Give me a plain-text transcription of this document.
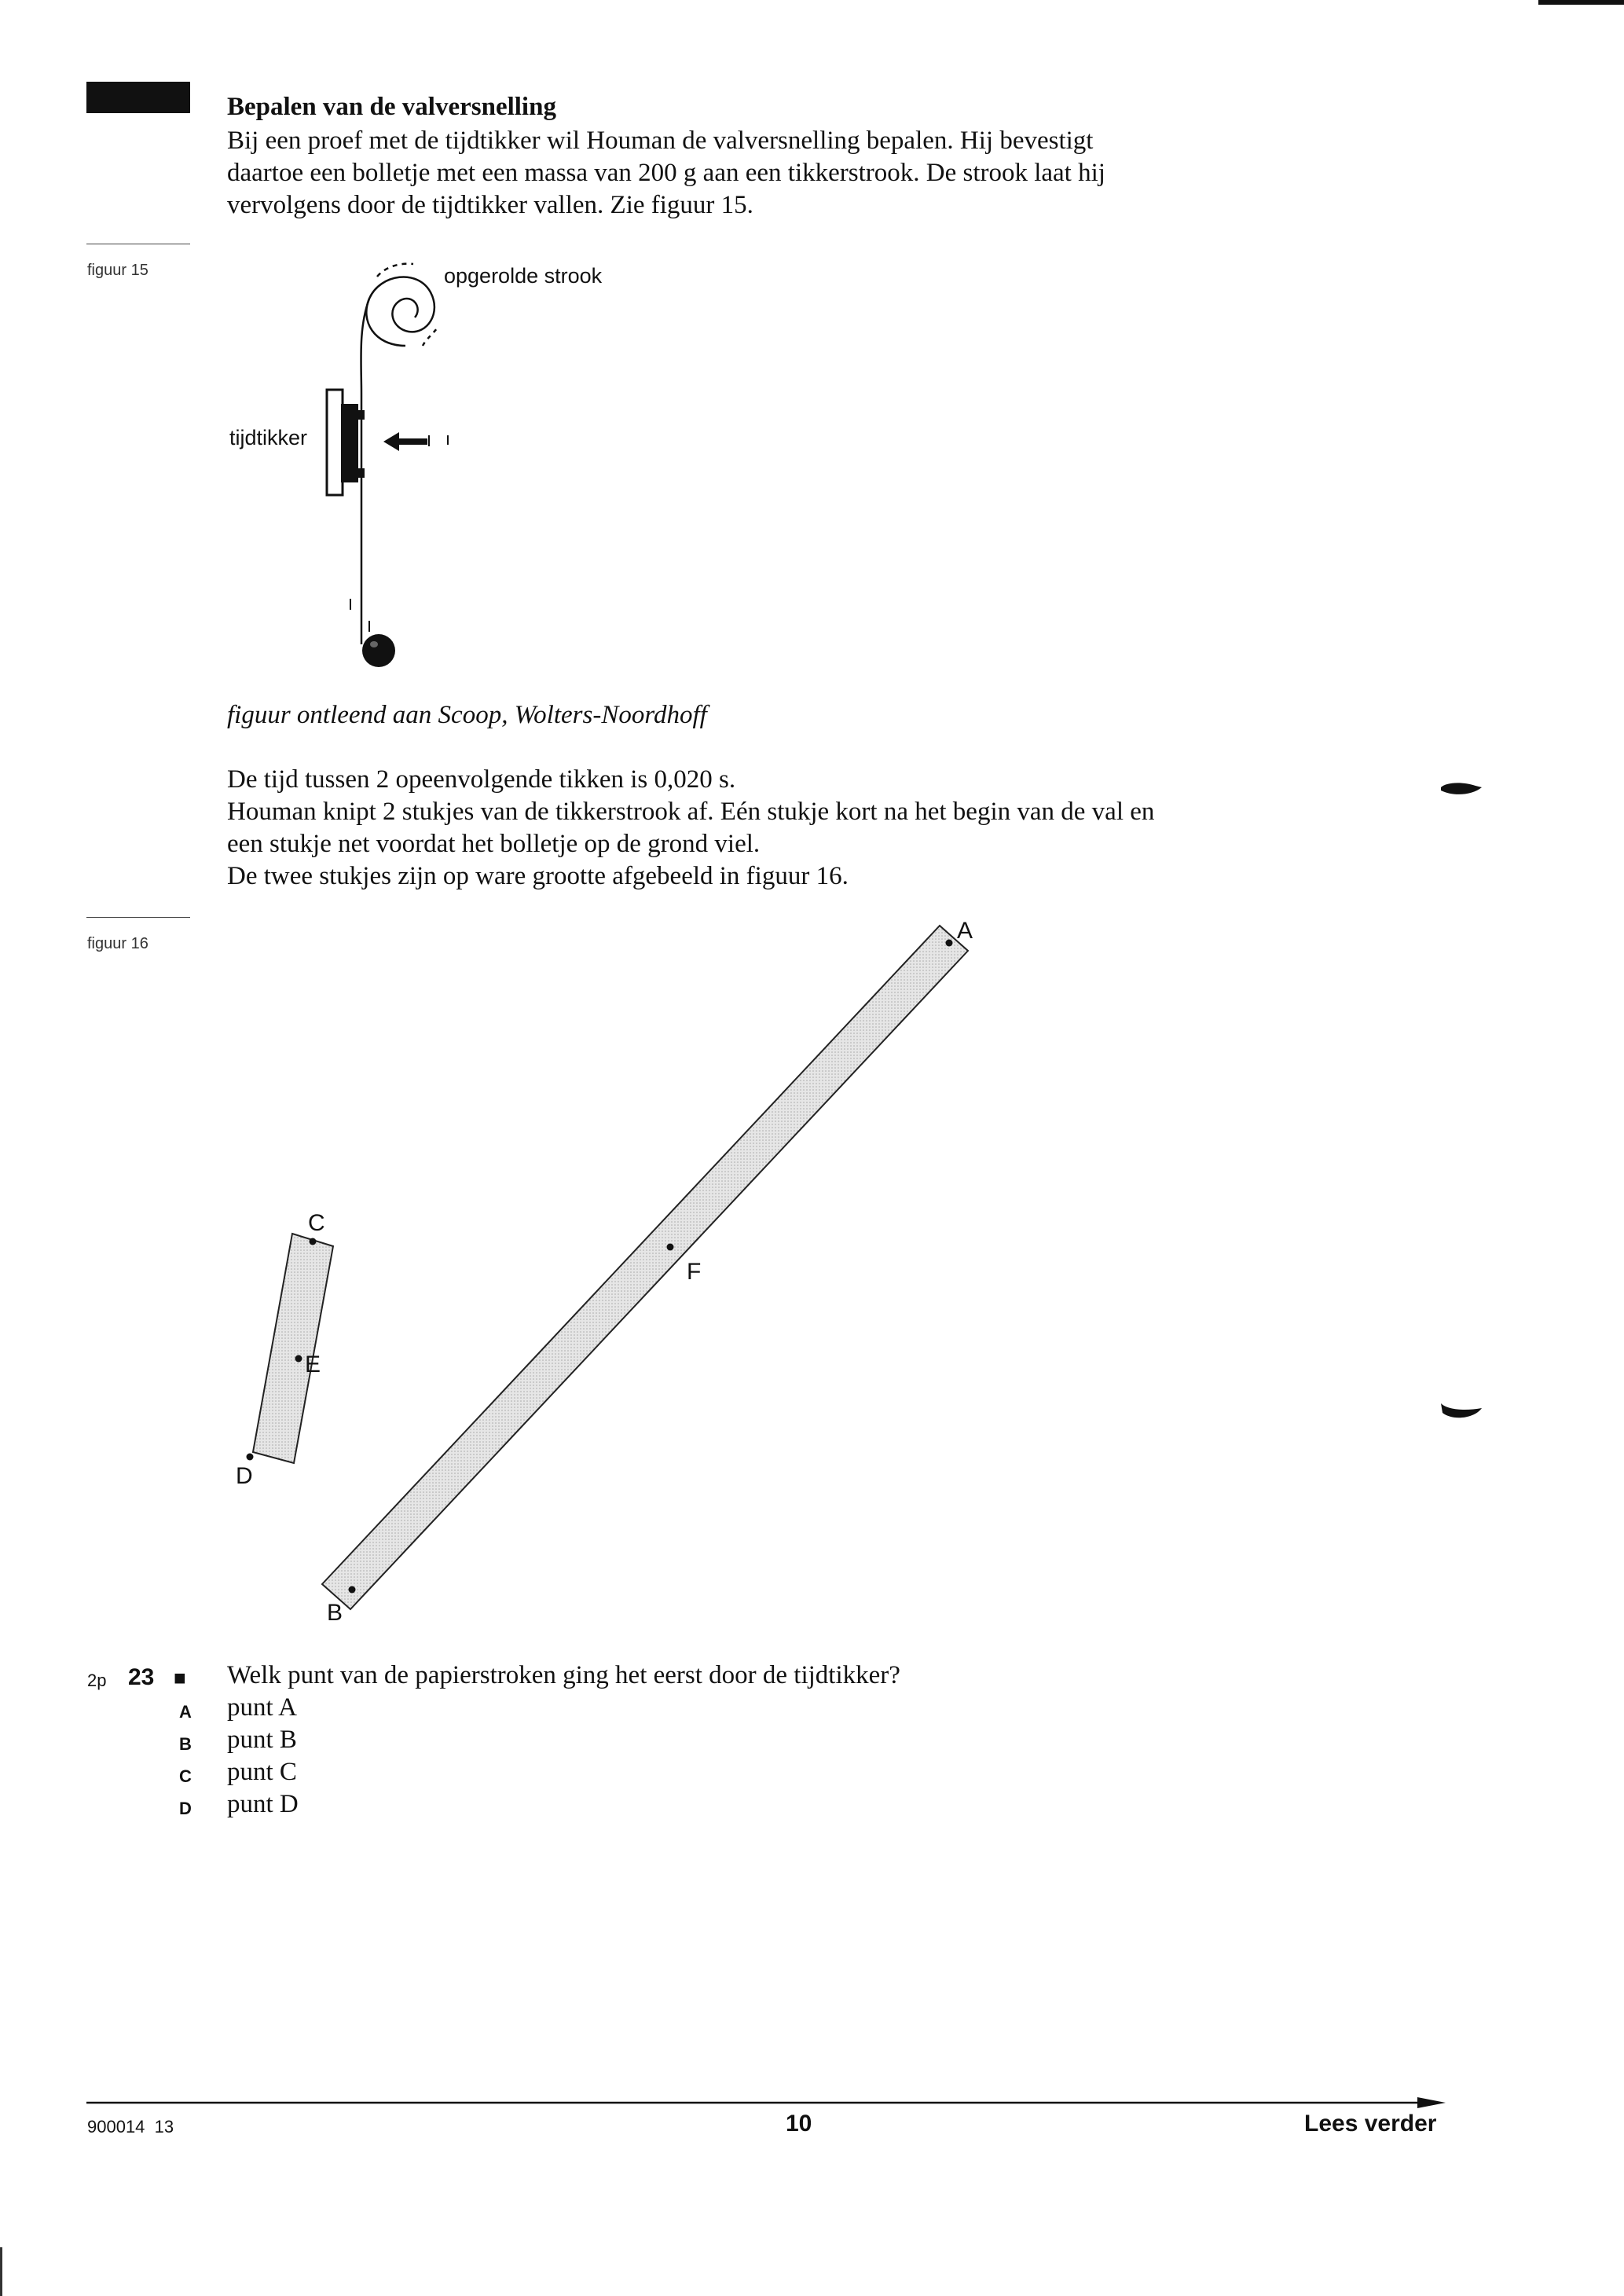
Bepalen van de valversnelling
Bij een proef met de tijdtikker wil Houman de valversnelling bepalen. Hij bevestigt
daartoe een bolletje met een massa van 200 g aan een tikkerstrook. De strook laat hij
vervolgens door de tijdtikker vallen. Zie figuur 15.
figuur 15	opgerolde strook
tijdtikker
figuur ontleend aan Scoop, Wolters-Noordhoff
De tijd tussen 2 opeenvolgende tikken is 0,020 s.
Houman knipt 2 stukjes van de tikkerstrook af. Eén stukje kort na het begin van de val en
een stukje net voordat het bolletje op de grond viel.
De twee stukjes zijn op ware grootte afgebeeld in figuur 16.
figuur 16	A
B
C
D
E
F
2p 23 ■ Welk punt van de papierstroken ging het eerst door de tijdtikker?
A punt A
B punt B
C punt C
D punt D
900014  13	10	Lees verder
